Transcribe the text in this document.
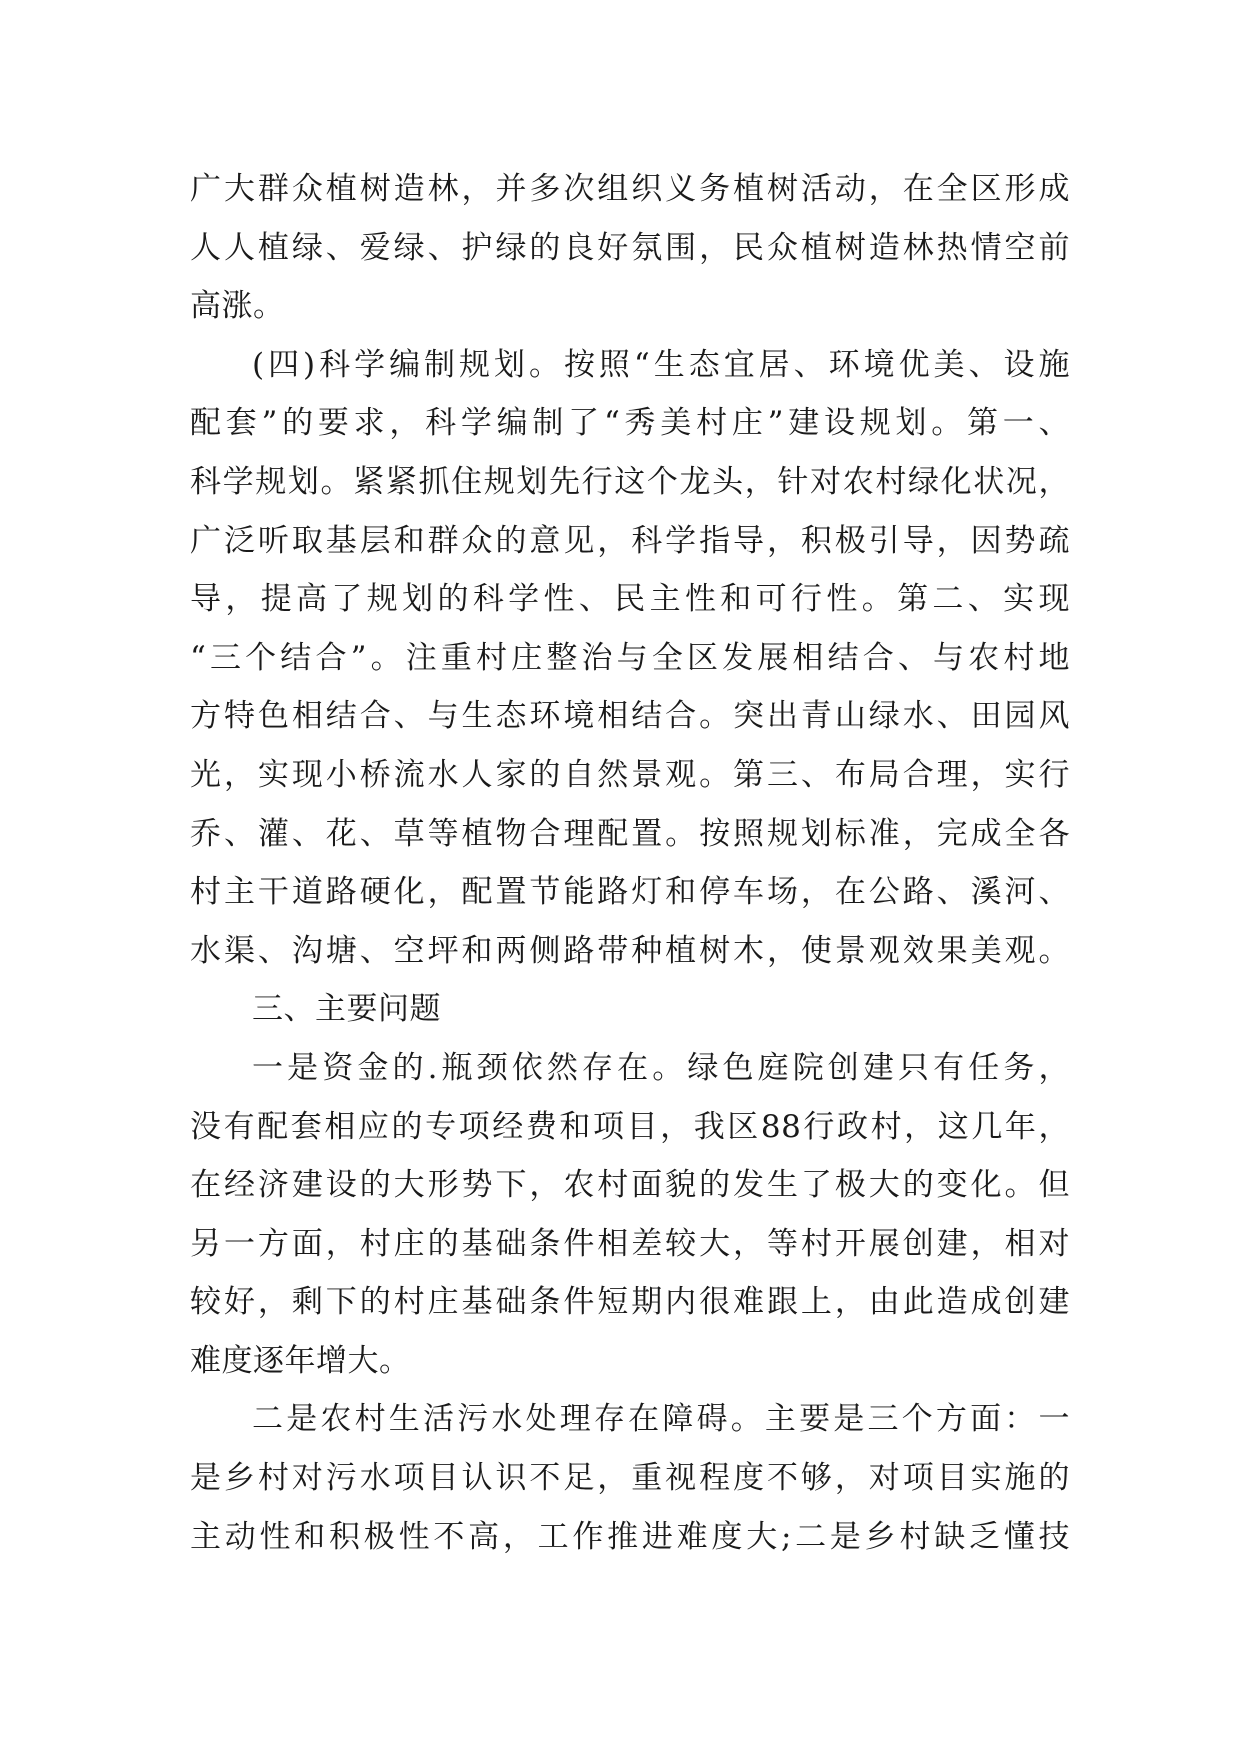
广大群众植树造林，并多次组织义务植树活动，在全区形成
人人植绿、爱绿、护绿的良好氛围，民众植树造林热情空前
高涨。
(四)科学编制规划。按照“生态宜居、环境优美、设施
配套”的要求，科学编制了“秀美村庄”建设规划。第一、
科学规划。紧紧抓住规划先行这个龙头，针对农村绿化状况，
广泛听取基层和群众的意见，科学指导，积极引导，因势疏
导，提高了规划的科学性、民主性和可行性。第二、实现
“三个结合”。注重村庄整治与全区发展相结合、与农村地
方特色相结合、与生态环境相结合。突出青山绿水、田园风
光，实现小桥流水人家的自然景观。第三、布局合理，实行
乔、灌、花、草等植物合理配置。按照规划标准，完成全各
村主干道路硬化，配置节能路灯和停车场，在公路、溪河、
水渠、沟塘、空坪和两侧路带种植树木，使景观效果美观。
三、主要问题
一是资金的.瓶颈依然存在。绿色庭院创建只有任务，
没有配套相应的专项经费和项目，我区88行政村，这几年，
在经济建设的大形势下，农村面貌的发生了极大的变化。但
另一方面，村庄的基础条件相差较大，等村开展创建，相对
较好，剩下的村庄基础条件短期内很难跟上，由此造成创建
难度逐年增大。
二是农村生活污水处理存在障碍。主要是三个方面：一
是乡村对污水项目认识不足，重视程度不够，对项目实施的
主动性和积极性不高，工作推进难度大;二是乡村缺乏懂技
